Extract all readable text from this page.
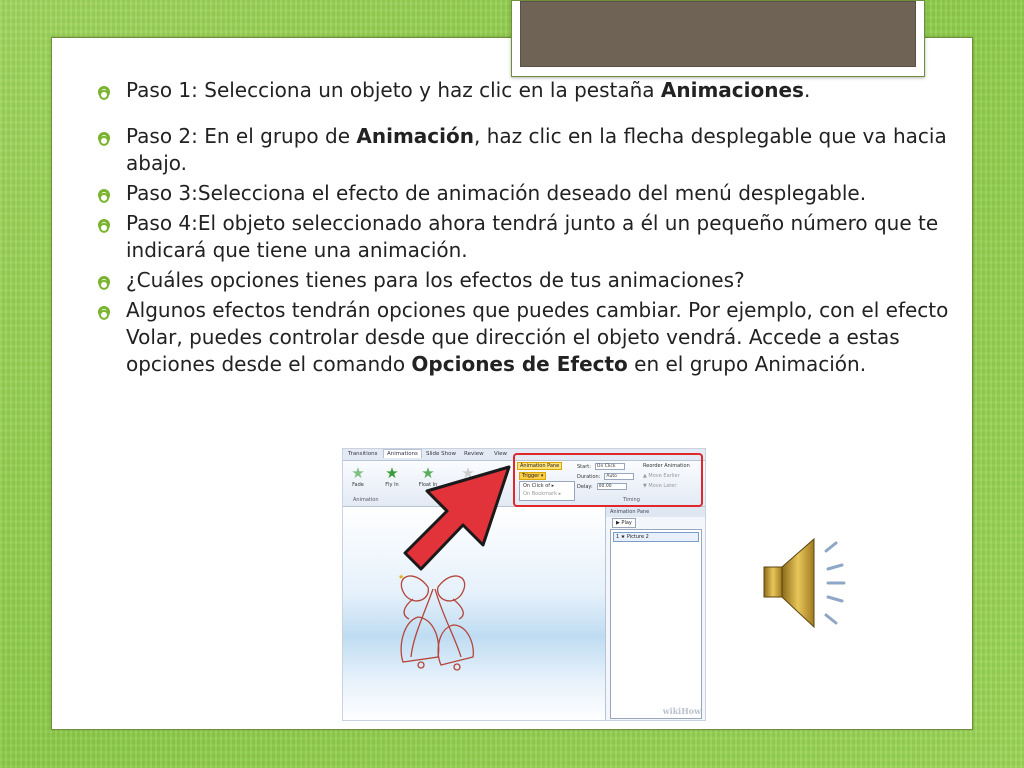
Paso 1: Selecciona un objeto y haz clic en la pestaña Animaciones.
Paso 2: En el grupo de Animación, haz clic en la flecha desplegable que va hacia abajo.
Paso 3:Selecciona el efecto de animación deseado del menú desplegable.
Paso 4:El objeto seleccionado ahora tendrá junto a él un pequeño número que te indicará que tiene una animación.
¿Cuáles opciones tienes para los efectos de tus animaciones?
Algunos efectos tendrán opciones que puedes cambiar. Por ejemplo, con el efecto Volar, puedes controlar desde que dirección el objeto vendrá. Accede a estas opciones desde el comando Opciones de Efecto en el grupo Animación.
Transitions	Animations	Slide Show	Review	View
★
Fade
★
Fly In
★
Float In
★
Animation	Timing
Animation Pane
Trigger ▾
On Click of ▸
On Bookmark ▸
Start: On Click
Duration: Auto
Delay: 00.00
Reorder Animation
▲ Move Earlier
▼ Move Later
★
Animation Pane
▶ Play
1 ★ Picture 2
wikiHow
